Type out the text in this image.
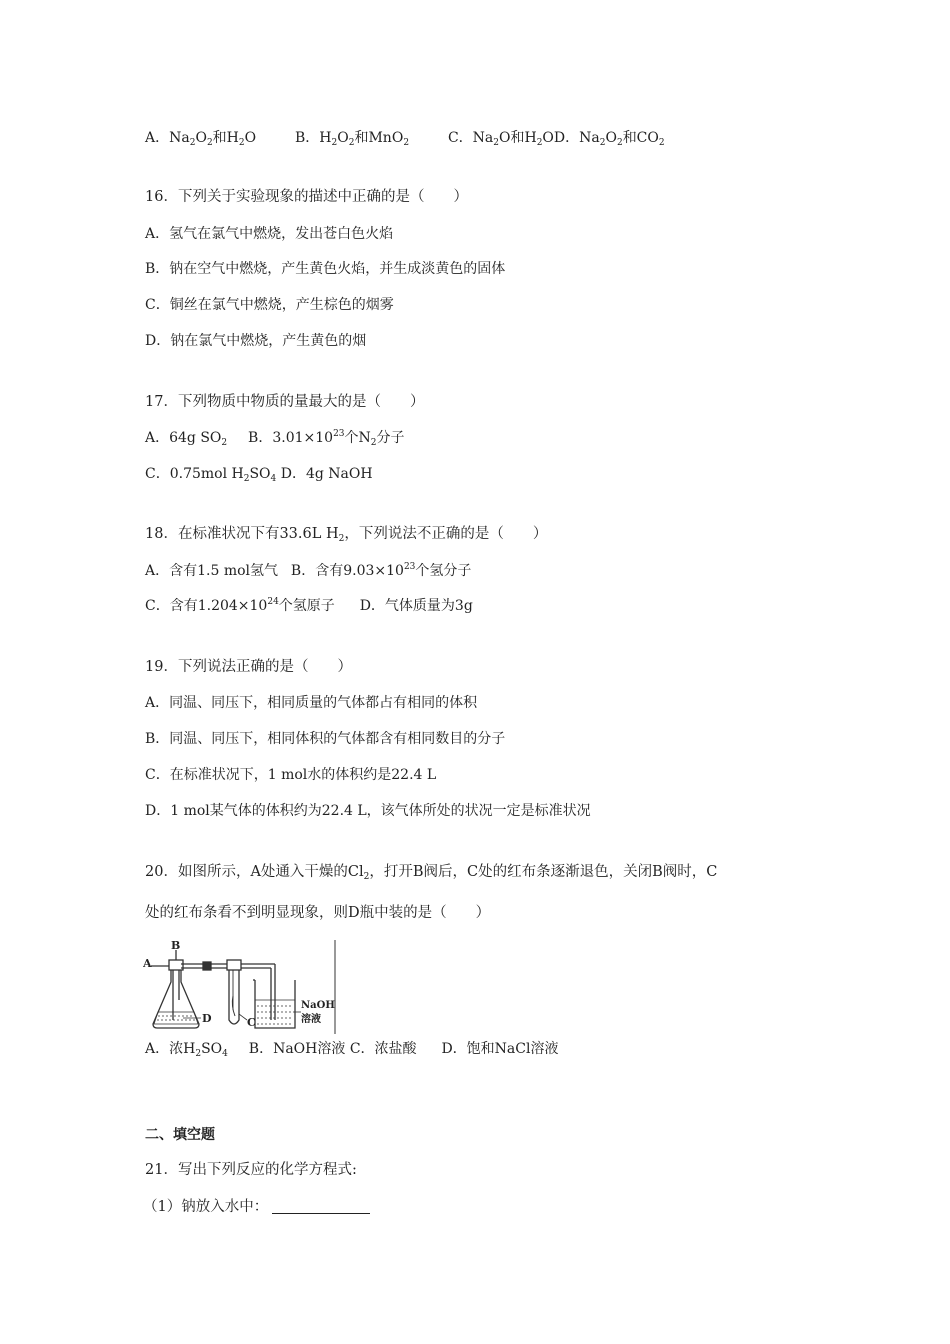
A．$Na_2O_2$和$H_2O$	B．$H_2O_2$和MnO$_2$	C．$Na_2O$和$H_2OD$．$Na_2O_2$和$CO_2$
16．下列关于实验现象的描述中正确的是（　　）
A．氢气在氯气中燃烧，发出苍白色火焰
B．钠在空气中燃烧，产生黄色火焰，并生成淡黄色的固体
C．铜丝在氯气中燃烧，产生棕色的烟雾
D．钠在氯气中燃烧，产生黄色的烟
17．下列物质中物质的量最大的是（　　）
A．64g $SO_2$ B．$3.01\times 10^{23}$个$N_2$分子
C．0.75mol $H_2SO_4$ D．4g NaOH
18．在标准状况下有33.6L $H_2$，下列说法不正确的是（　　）
A．含有1.5 mol氢气 B．含有$9.03\times 10^{23}$个氢分子
C．含有$1.204\times 10^{24}$个氢原子 D．气体质量为3g
19．下列说法正确的是（　　）
A．同温、同压下，相同质量的气体都占有相同的体积
B．同温、同压下，相同体积的气体都含有相同数目的分子
C．在标准状况下，1 mol水的体积约是22.4 L
D．1 mol某气体的体积约为22.4 L，该气体所处的状况一定是标准状况
20．如图所示，A处通入干燥的$Cl_2$，打开B阀后，C处的红布条逐渐退色，关闭B阀时，C
处的红布条看不到明显现象，则D瓶中装的是（　　）
A
B
C
D
NaOH
溶液
A．浓$H_2SO_4$ B．NaOH溶液 C．浓盐酸 D．饱和NaCl溶液
二、填空题
21．写出下列反应的化学方程式:
（1）钠放入水中：
